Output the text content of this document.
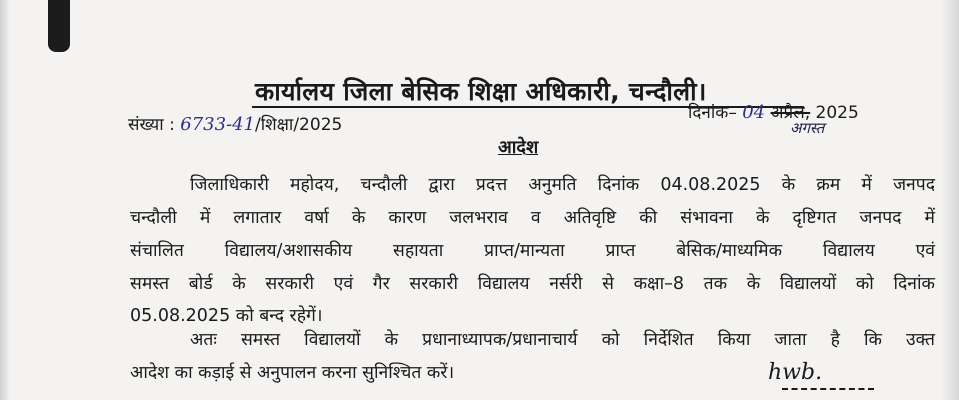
कार्यालय जिला बेसिक शिक्षा अधिकारी, चन्दौली।
संख्या : 6733-41/शिक्षा/2025
दिनांक– 04 अप्रैल, 2025
अगस्त
आदेश
जिलाधिकारी महोदय, चन्दौली द्वारा प्रदत्त अनुमति दिनांक 04.08.2025 के क्रम में जनपद
चन्दौली में लगातार वर्षा के कारण जलभराव व अतिवृष्टि की संभावना के दृष्टिगत जनपद में
संचालित विद्यालय/अशासकीय सहायता प्राप्त/मान्यता प्राप्त बेसिक/माध्यमिक विद्यालय एवं
समस्त बोर्ड के सरकारी एवं गैर सरकारी विद्यालय नर्सरी से कक्षा–8 तक के विद्यालयों को दिनांक
05.08.2025 को बन्द रहेगें।
अतः समस्त विद्यालयों के प्रधानाध्यापक/प्रधानाचार्य को निर्देशित किया जाता है कि उक्त
आदेश का कड़ाई से अनुपालन करना सुनिश्चित करें।	hwb.
